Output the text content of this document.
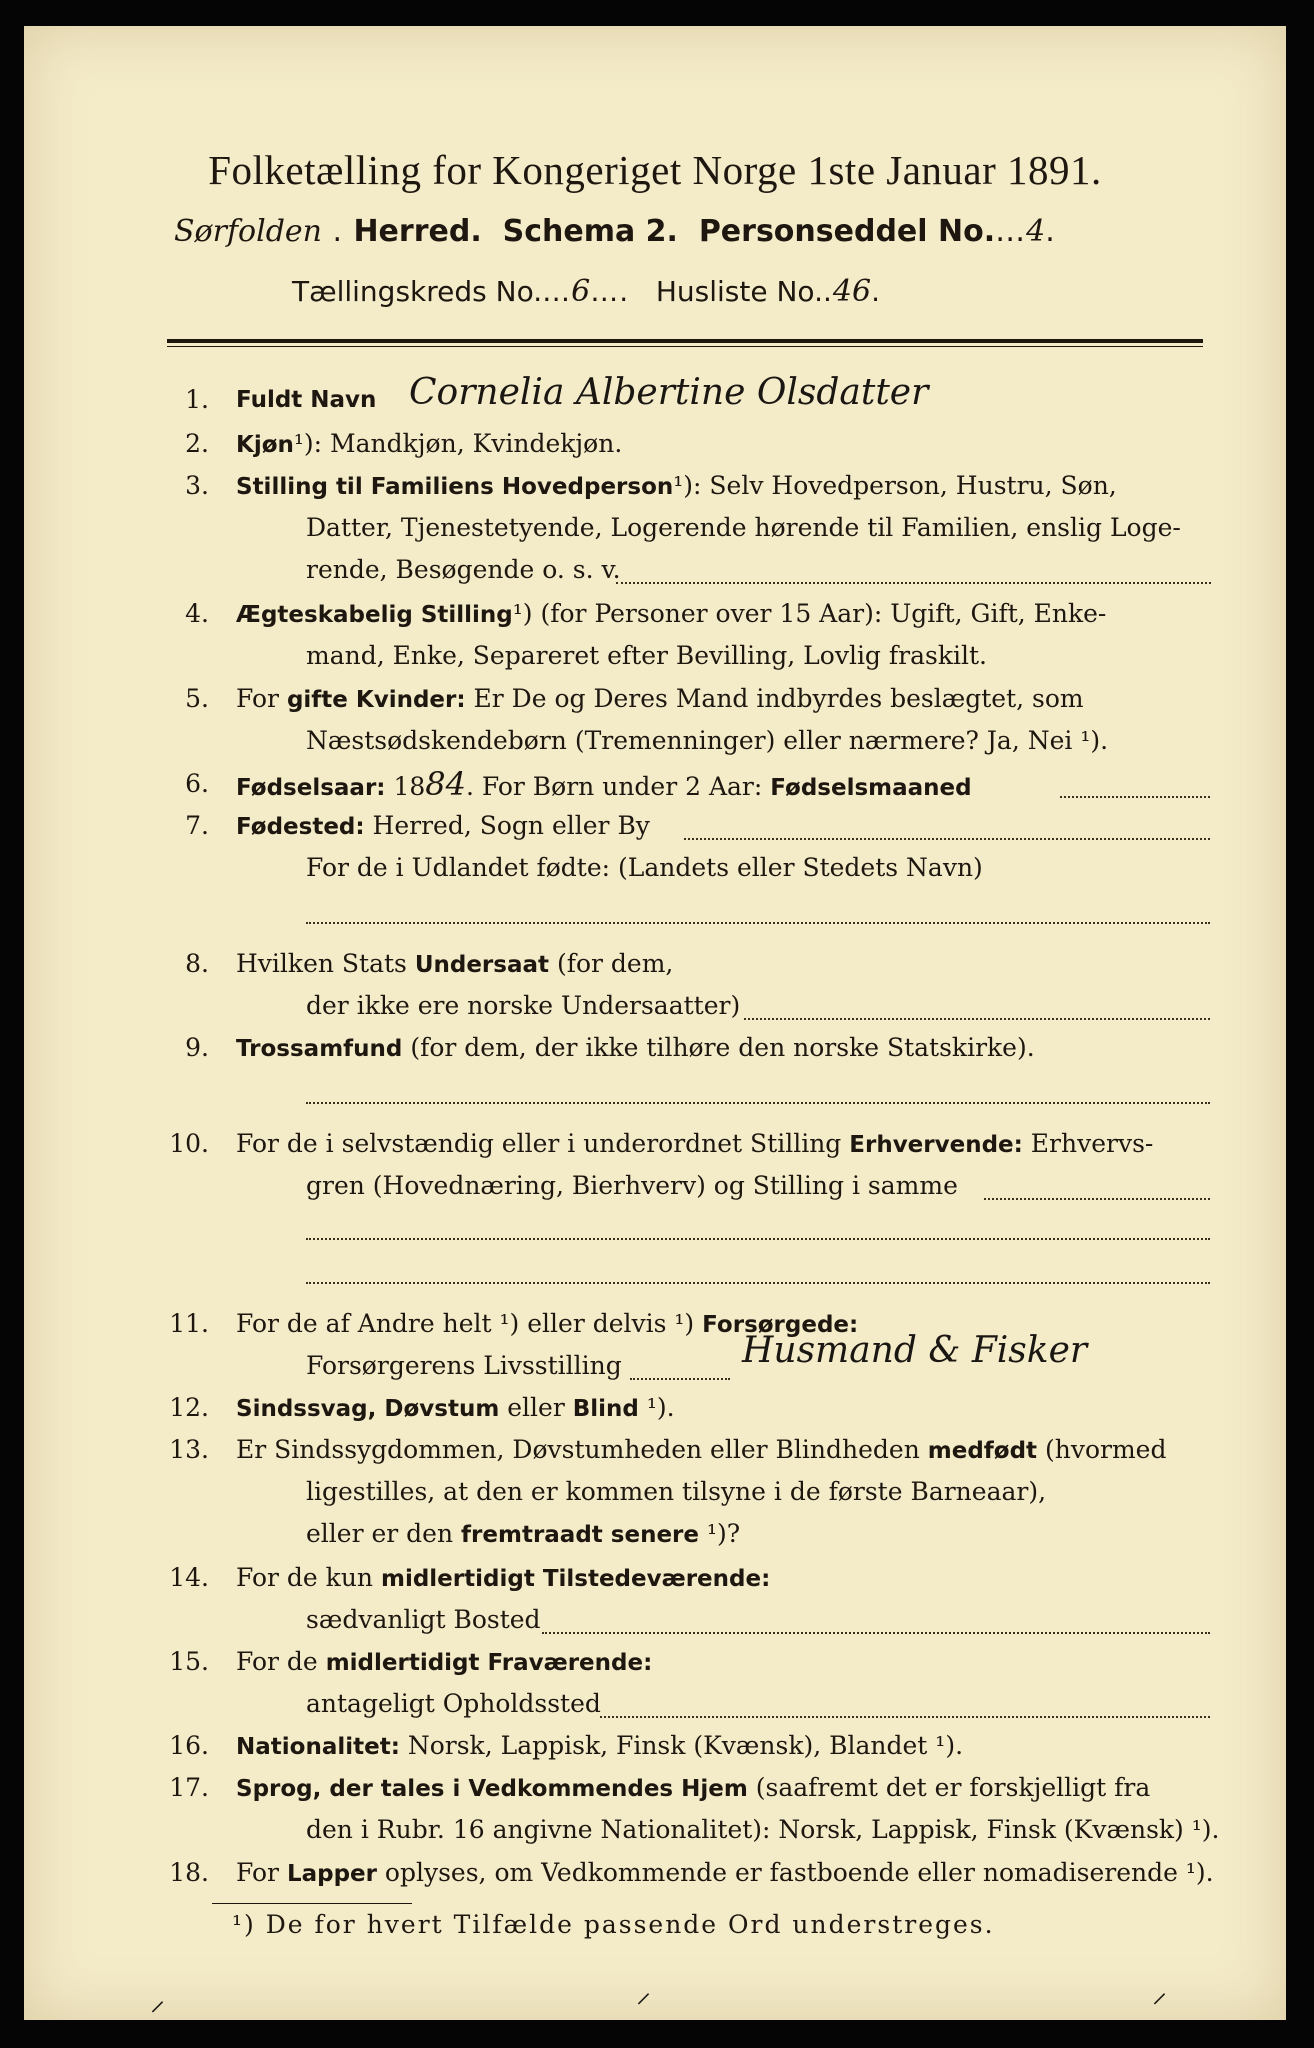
Folketælling for Kongeriget Norge 1ste Januar 1891.
Sørfolden . Herred. Schema 2. Personseddel No.…4.
Tællingskreds No.…6…. Husliste No..46.
1. Fuldt Navn Cornelia Albertine Olsdatter
2. Kjøn¹): Mandkjøn, Kvindekjøn.
3. Stilling til Familiens Hovedperson¹): Selv Hovedperson, Hustru, Søn,
Datter, Tjenestetyende, Logerende hørende til Familien, enslig Loge-
rende, Besøgende o. s. v.
4. Ægteskabelig Stilling¹) (for Personer over 15 Aar): Ugift, Gift, Enke-
mand, Enke, Separeret efter Bevilling, Lovlig fraskilt.
5. For gifte Kvinder: Er De og Deres Mand indbyrdes beslægtet, som
Næstsødskendebørn (Tremenninger) eller nærmere? Ja, Nei ¹).
6. Fødselsaar: 1884. For Børn under 2 Aar: Fødselsmaaned
7. Fødested: Herred, Sogn eller By
For de i Udlandet fødte: (Landets eller Stedets Navn)
8. Hvilken Stats Undersaat (for dem,
der ikke ere norske Undersaatter)
9. Trossamfund (for dem, der ikke tilhøre den norske Statskirke).
10. For de i selvstændig eller i underordnet Stilling Erhvervende: Erhvervs-
gren (Hovednæring, Bierhverv) og Stilling i samme
11. For de af Andre helt ¹) eller delvis ¹) Forsørgede:
Forsørgerens Livsstilling	Husmand & Fisker
12. Sindssvag, Døvstum eller Blind ¹).
13. Er Sindssygdommen, Døvstumheden eller Blindheden medfødt (hvormed
ligestilles, at den er kommen tilsyne i de første Barneaar),
eller er den fremtraadt senere ¹)?
14. For de kun midlertidigt Tilstedeværende:
sædvanligt Bosted
15. For de midlertidigt Fraværende:
antageligt Opholdssted
16. Nationalitet: Norsk, Lappisk, Finsk (Kvænsk), Blandet ¹).
17. Sprog, der tales i Vedkommendes Hjem (saafremt det er forskjelligt fra
den i Rubr. 16 angivne Nationalitet): Norsk, Lappisk, Finsk (Kvænsk) ¹).
18. For Lapper oplyses, om Vedkommende er fastboende eller nomadiserende ¹).
¹) De for hvert Tilfælde passende Ord understreges.
⸝	⸝	⸝
